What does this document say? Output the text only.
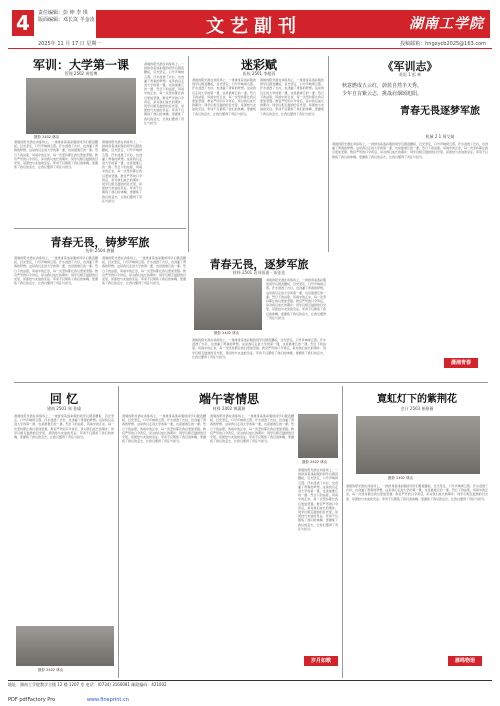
4	责任编辑：彭 坤 李 琪
版面编辑：邓长岚 羊金凌	文艺副刊	湖南工学院
2025年 11 月 17 日 星期一	投稿邮箱：hngxycb2025@163.com
军训：大学第一课
管理 2502 周悟博
摄影 2402 林洁
清晨的阳光洒在训练场上，一排排身着迷彩服的同学们挺直腰板，目光坚定，口号声响彻云霄。汗水浸透了衣衫，也浇灌了青春的梦想。这是我们走进大学的第一课，也是最难忘的一课。烈日下的站姿，风雨中的正步，每一次坚持都让我们更加坚强。教官严厉的口令背后，是对我们成长的期许；同学们相互鼓励的目光里，是团结与友谊的见证。军训不仅锻炼了我们的体魄，更磨炼了我们的意志，让我们懂得了责任与担当。
清晨的阳光洒在训练场上，一排排身着迷彩服的同学们挺直腰板，目光坚定，口号声响彻云霄。汗水浸透了衣衫，也浇灌了青春的梦想。这是我们走进大学的第一课，也是最难忘的一课。烈日下的站姿，风雨中的正步，每一次坚持都让我们更加坚强。教官严厉的口令背后，是对我们成长的期许；同学们相互鼓励的目光里，是团结与友谊的见证。军训不仅锻炼了我们的体魄，更磨炼了我们的意志，让我们懂得了责任与担当。
清晨的阳光洒在训练场上，一排排身着迷彩服的同学们挺直腰板，目光坚定，口号声响彻云霄。汗水浸透了衣衫，也浇灌了青春的梦想。这是我们走进大学的第一课，也是最难忘的一课。烈日下的站姿，风雨中的正步，每一次坚持都让我们更加坚强。教官严厉的口令背后，是对我们成长的期许；同学们相互鼓励的目光里，是团结与友谊的见证。军训不仅锻炼了我们的体魄，更磨炼了我们的意志，让我们懂得了责任与担当。
迷彩赋
医检 2501 李超蓉
清晨的阳光洒在训练场上，一排排身着迷彩服的同学们挺直腰板，目光坚定，口号声响彻云霄。汗水浸透了衣衫，也浇灌了青春的梦想。这是我们走进大学的第一课，也是最难忘的一课。烈日下的站姿，风雨中的正步，每一次坚持都让我们更加坚强。教官严厉的口令背后，是对我们成长的期许；同学们相互鼓励的目光里，是团结与友谊的见证。军训不仅锻炼了我们的体魄，更磨炼了我们的意志，让我们懂得了责任与担当。
清晨的阳光洒在训练场上，一排排身着迷彩服的同学们挺直腰板，目光坚定，口号声响彻云霄。汗水浸透了衣衫，也浇灌了青春的梦想。这是我们走进大学的第一课，也是最难忘的一课。烈日下的站姿，风雨中的正步，每一次坚持都让我们更加坚强。教官严厉的口令背后，是对我们成长的期许；同学们相互鼓励的目光里，是团结与友谊的见证。军训不仅锻炼了我们的体魄，更磨炼了我们的意志，让我们懂得了责任与担当。
《军训志》
英语 1 彭 林
秋意燃成五云红，蔚蓝自然半天秀。
少年自有紫云志，挑战肩烟颂旭阳。
青春无畏逐梦军旅
机械 2 1 周艾萌
清晨的阳光洒在训练场上，一排排身着迷彩服的同学们挺直腰板，目光坚定，口号声响彻云霄。汗水浸透了衣衫，也浇灌了青春的梦想。这是我们走进大学的第一课，也是最难忘的一课。烈日下的站姿，风雨中的正步，每一次坚持都让我们更加坚强。教官严厉的口令背后，是对我们成长的期许；同学们相互鼓励的目光里，是团结与友谊的见证。军训不仅锻炼了我们的体魄，更磨炼了我们的意志，让我们懂得了责任与担当。
潇湘青春
青春无畏，铸梦军旅
纺织 2504 唐薇
清晨的阳光洒在训练场上，一排排身着迷彩服的同学们挺直腰板，目光坚定，口号声响彻云霄。汗水浸透了衣衫，也浇灌了青春的梦想。这是我们走进大学的第一课，也是最难忘的一课。烈日下的站姿，风雨中的正步，每一次坚持都让我们更加坚强。教官严厉的口令背后，是对我们成长的期许；同学们相互鼓励的目光里，是团结与友谊的见证。军训不仅锻炼了我们的体魄，更磨炼了我们的意志，让我们懂得了责任与担当。
清晨的阳光洒在训练场上，一排排身着迷彩服的同学们挺直腰板，目光坚定，口号声响彻云霄。汗水浸透了衣衫，也浇灌了青春的梦想。这是我们走进大学的第一课，也是最难忘的一课。烈日下的站姿，风雨中的正步，每一次坚持都让我们更加坚强。教官严厉的口令背后，是对我们成长的期许；同学们相互鼓励的目光里，是团结与友谊的见证。军训不仅锻炼了我们的体魄，更磨炼了我们的意志，让我们懂得了责任与担当。
青春无畏，逐梦军旅
材料 2501 袁诗雨嘉 · 朱佳佳
摄影 2402 林洁
清晨的阳光洒在训练场上，一排排身着迷彩服的同学们挺直腰板，目光坚定，口号声响彻云霄。汗水浸透了衣衫，也浇灌了青春的梦想。这是我们走进大学的第一课，也是最难忘的一课。烈日下的站姿，风雨中的正步，每一次坚持都让我们更加坚强。教官严厉的口令背后，是对我们成长的期许；同学们相互鼓励的目光里，是团结与友谊的见证。军训不仅锻炼了我们的体魄，更磨炼了我们的意志，让我们懂得了责任与担当。
清晨的阳光洒在训练场上，一排排身着迷彩服的同学们挺直腰板，目光坚定，口号声响彻云霄。汗水浸透了衣衫，也浇灌了青春的梦想。这是我们走进大学的第一课，也是最难忘的一课。烈日下的站姿，风雨中的正步，每一次坚持都让我们更加坚强。教官严厉的口令背后，是对我们成长的期许；同学们相互鼓励的目光里，是团结与友谊的见证。军训不仅锻炼了我们的体魄，更磨炼了我们的意志，让我们懂得了责任与担当。
回 忆
建筑 2501 周 金瑜
清晨的阳光洒在训练场上，一排排身着迷彩服的同学们挺直腰板，目光坚定，口号声响彻云霄。汗水浸透了衣衫，也浇灌了青春的梦想。这是我们走进大学的第一课，也是最难忘的一课。烈日下的站姿，风雨中的正步，每一次坚持都让我们更加坚强。教官严厉的口令背后，是对我们成长的期许；同学们相互鼓励的目光里，是团结与友谊的见证。军训不仅锻炼了我们的体魄，更磨炼了我们的意志，让我们懂得了责任与担当。
摄影 2402 林洁
端午寄情思
材料 2402 黄潇源
摄影 2402 林洁
清晨的阳光洒在训练场上，一排排身着迷彩服的同学们挺直腰板，目光坚定，口号声响彻云霄。汗水浸透了衣衫，也浇灌了青春的梦想。这是我们走进大学的第一课，也是最难忘的一课。烈日下的站姿，风雨中的正步，每一次坚持都让我们更加坚强。教官严厉的口令背后，是对我们成长的期许；同学们相互鼓励的目光里，是团结与友谊的见证。军训不仅锻炼了我们的体魄，更磨炼了我们的意志，让我们懂得了责任与担当。
清晨的阳光洒在训练场上，一排排身着迷彩服的同学们挺直腰板，目光坚定，口号声响彻云霄。汗水浸透了衣衫，也浇灌了青春的梦想。这是我们走进大学的第一课，也是最难忘的一课。烈日下的站姿，风雨中的正步，每一次坚持都让我们更加坚强。教官严厉的口令背后，是对我们成长的期许；同学们相互鼓励的目光里，是团结与友谊的见证。军训不仅锻炼了我们的体魄，更磨炼了我们的意志，让我们懂得了责任与担当。
清晨的阳光洒在训练场上，一排排身着迷彩服的同学们挺直腰板，目光坚定，口号声响彻云霄。汗水浸透了衣衫，也浇灌了青春的梦想。这是我们走进大学的第一课，也是最难忘的一课。烈日下的站姿，风雨中的正步，每一次坚持都让我们更加坚强。教官严厉的口令背后，是对我们成长的期许；同学们相互鼓励的目光里，是团结与友谊的见证。军训不仅锻炼了我们的体魄，更磨炼了我们的意志，让我们懂得了责任与担当。
岁月如歌
寛虹灯下的紫荆花
会计 2503 崔静薇
摄影 2402 林洁
清晨的阳光洒在训练场上，一排排身着迷彩服的同学们挺直腰板，目光坚定，口号声响彻云霄。汗水浸透了衣衫，也浇灌了青春的梦想。这是我们走进大学的第一课，也是最难忘的一课。烈日下的站姿，风雨中的正步，每一次坚持都让我们更加坚强。教官严厉的口令背后，是对我们成长的期许；同学们相互鼓励的目光里，是团结与友谊的见证。军训不仅锻炼了我们的体魄，更磨炼了我们的意志，让我们懂得了责任与担当。
雁鸣物语
地址：湖南工学院教学主楼 12 楼 1207 室 电话：(0734) 3160081 邮政编码：421002
PDF pdfFactory Pro	www.fineprint.cn
